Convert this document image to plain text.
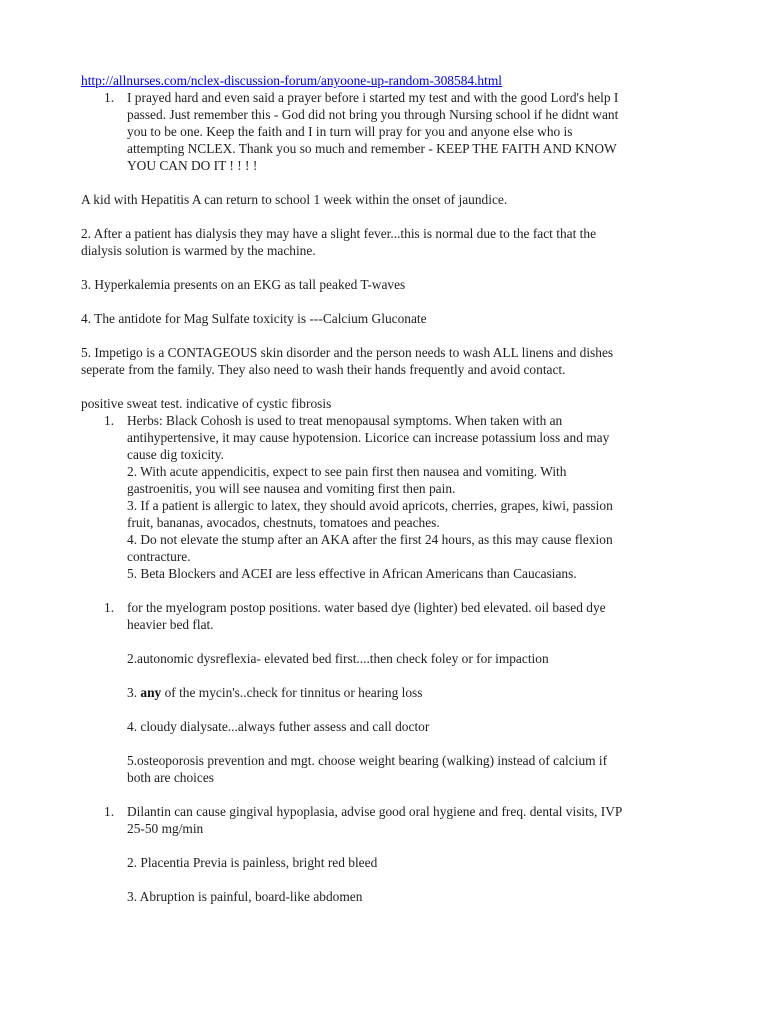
http://allnurses.com/nclex-discussion-forum/anyoone-up-random-308584.html
1. I prayed hard and even said a prayer before i started my test and with the good Lord's help I
passed. Just remember this - God did not bring you through Nursing school if he didnt want
you to be one. Keep the faith and I in turn will pray for you and anyone else who is
attempting NCLEX. Thank you so much and remember - KEEP THE FAITH AND KNOW
YOU CAN DO IT ! ! ! !
A kid with Hepatitis A can return to school 1 week within the onset of jaundice.
2. After a patient has dialysis they may have a slight fever...this is normal due to the fact that the
dialysis solution is warmed by the machine.
3. Hyperkalemia presents on an EKG as tall peaked T-waves
4. The antidote for Mag Sulfate toxicity is ---Calcium Gluconate
5. Impetigo is a CONTAGEOUS skin disorder and the person needs to wash ALL linens and dishes
seperate from the family. They also need to wash their hands frequently and avoid contact.
positive sweat test. indicative of cystic fibrosis
1. Herbs: Black Cohosh is used to treat menopausal symptoms. When taken with an
antihypertensive, it may cause hypotension. Licorice can increase potassium loss and may
cause dig toxicity.
2. With acute appendicitis, expect to see pain first then nausea and vomiting. With
gastroenitis, you will see nausea and vomiting first then pain.
3. If a patient is allergic to latex, they should avoid apricots, cherries, grapes, kiwi, passion
fruit, bananas, avocados, chestnuts, tomatoes and peaches.
4. Do not elevate the stump after an AKA after the first 24 hours, as this may cause flexion
contracture.
5. Beta Blockers and ACEI are less effective in African Americans than Caucasians.
1. for the myelogram postop positions. water based dye (lighter) bed elevated. oil based dye
heavier bed flat.
2.autonomic dysreflexia- elevated bed first....then check foley or for impaction
3. any of the mycin's..check for tinnitus or hearing loss
4. cloudy dialysate...always futher assess and call doctor
5.osteoporosis prevention and mgt. choose weight bearing (walking) instead of calcium if
both are choices
1. Dilantin can cause gingival hypoplasia, advise good oral hygiene and freq. dental visits, IVP
25-50 mg/min
2. Placentia Previa is painless, bright red bleed
3. Abruption is painful, board-like abdomen
